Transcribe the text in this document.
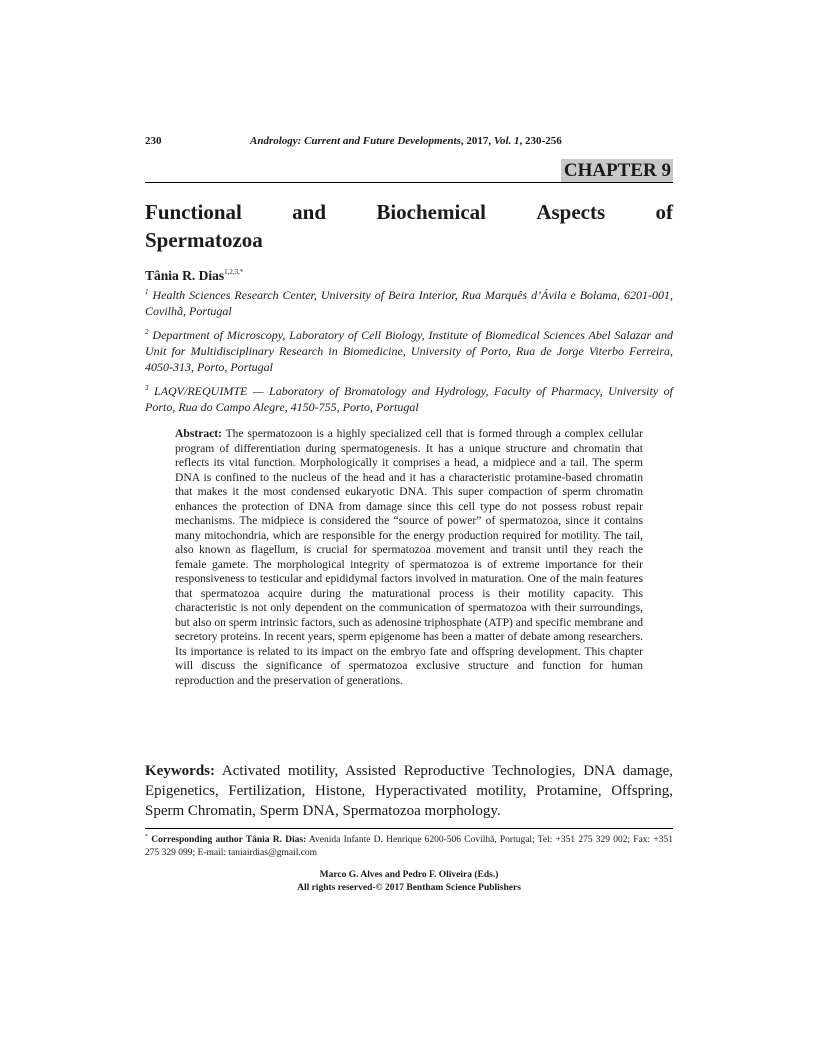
230	Andrology: Current and Future Developments, 2017, Vol. 1, 230-256
CHAPTER 9
Functional and Biochemical Aspects of
Spermatozoa
Tânia R. Dias$^{1,2,3,*}$

$^1$ Health Sciences Research Center, University of Beira Interior, Rua Marquês d’Ávila e Bolama, 6201-001, Covilhã, Portugal

$^2$ Department of Microscopy, Laboratory of Cell Biology, Institute of Biomedical Sciences Abel Salazar and Unit for Multidisciplinary Research in Biomedicine, University of Porto, Rua de Jorge Viterbo Ferreira, 4050-313, Porto, Portugal

$^3$ LAQV/REQUIMTE — Laboratory of Bromatology and Hydrology, Faculty of Pharmacy, University of Porto, Rua do Campo Alegre, 4150-755, Porto, Portugal

Abstract: The spermatozoon is a highly specialized cell that is formed through a complex cellular program of differentiation during spermatogenesis. It has a unique structure and chromatin that reflects its vital function. Morphologically it comprises a head, a midpiece and a tail. The sperm DNA is confined to the nucleus of the head and it has a characteristic protamine-based chromatin that makes it the most condensed eukaryotic DNA. This super compaction of sperm chromatin enhances the protection of DNA from damage since this cell type do not possess robust repair mechanisms. The midpiece is considered the “source of power” of spermatozoa, since it contains many mitochondria, which are responsible for the energy production required for motility. The tail, also known as flagellum, is crucial for spermatozoa movement and transit until they reach the female gamete. The morphological integrity of spermatozoa is of extreme importance for their responsiveness to testicular and epididymal factors involved in maturation. One of the main features that spermatozoa acquire during the maturational process is their motility capacity. This characteristic is not only dependent on the communication of spermatozoa with their surroundings, but also on sperm intrinsic factors, such as adenosine triphosphate (ATP) and specific membrane and secretory proteins. In recent years, sperm epigenome has been a matter of debate among researchers. Its importance is related to its impact on the embryo fate and offspring development. This chapter will discuss the significance of spermatozoa exclusive structure and function for human reproduction and the preservation of generations.

Keywords: Activated motility, Assisted Reproductive Technologies, DNA damage, Epigenetics, Fertilization, Histone, Hyperactivated motility, Protamine, Offspring, Sperm Chromatin, Sperm DNA, Spermatozoa morphology.

* Corresponding author Tânia R. Dias: Avenida Infante D. Henrique 6200-506 Covilhã, Portugal; Tel: +351 275 329 002; Fax: +351 275 329 099; E-mail: taniairdias@gmail.com

Marco G. Alves and Pedro F. Oliveira (Eds.)
All rights reserved-© 2017 Bentham Science Publishers
